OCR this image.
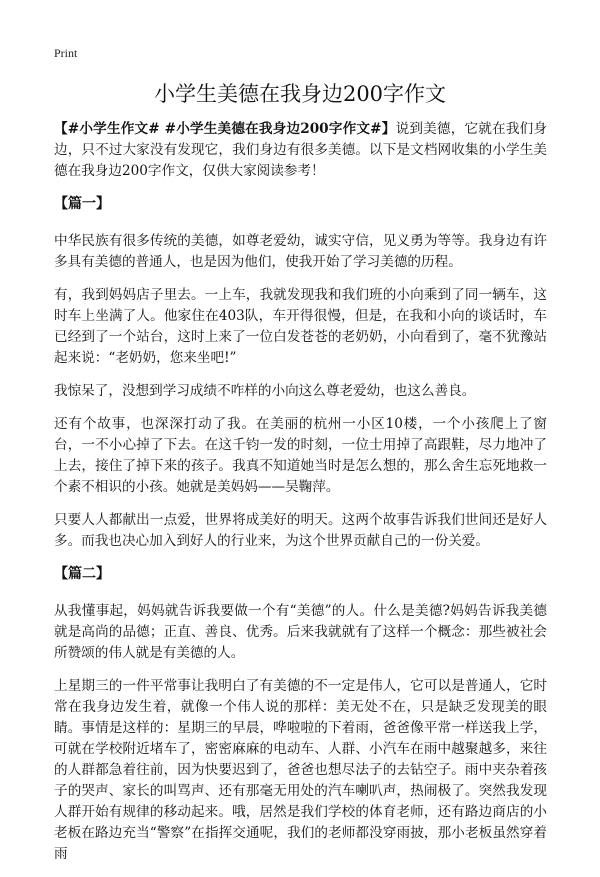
Print
小学生美德在我身边200字作文

【#小学生作文# #小学生美德在我身边200字作文#】说到美德，它就在我们身边，只不过大家没有发现它，我们身边有很多美德。以下是文档网收集的小学生美德在我身边200字作文，仅供大家阅读参考！

【篇一】

中华民族有很多传统的美德，如尊老爱幼，诚实守信，见义勇为等等。我身边有许多具有美德的普通人，也是因为他们，使我开始了学习美德的历程。

有，我到妈妈店子里去。一上车，我就发现我和我们班的小向乘到了同一辆车，这时车上坐满了人。他家住在403队，车开得很慢，但是，在我和小向的谈话时，车已经到了一个站台，这时上来了一位白发苍苍的老奶奶，小向看到了，毫不犹豫站起来说：“老奶奶，您来坐吧!”

我惊呆了，没想到学习成绩不咋样的小向这么尊老爱幼，也这么善良。

还有个故事，也深深打动了我。在美丽的杭州一小区10楼，一个小孩爬上了窗台，一不小心掉了下去。在这千钧一发的时刻，一位士用掉了高跟鞋，尽力地冲了上去，接住了掉下来的孩子。我真不知道她当时是怎么想的，那么舍生忘死地救一个素不相识的小孩。她就是美妈妈——吴鞠萍。

只要人人都献出一点爱，世界将成美好的明天。这两个故事告诉我们世间还是好人多。而我也决心加入到好人的行业来，为这个世界贡献自己的一份关爱。

【篇二】

从我懂事起，妈妈就告诉我要做一个有“美德”的人。什么是美德?妈妈告诉我美德就是高尚的品德；正直、善良、优秀。后来我就就有了这样一个概念：那些被社会所赞颂的伟人就是有美德的人。

上星期三的一件平常事让我明白了有美德的不一定是伟人，它可以是普通人，它时常在我身边发生着，就像一个伟人说的那样：美无处不在，只是缺乏发现美的眼睛。事情是这样的：星期三的早晨，哗啦啦的下着雨，爸爸像平常一样送我上学，可就在学校附近堵车了，密密麻麻的电动车、人群、小汽车在雨中越聚越多，来往的人群都急着往前，因为快要迟到了，爸爸也想尽法子的去钻空子。雨中夹杂着孩子的哭声、家长的叫骂声、还有那毫无用处的汽车喇叭声，热闹极了。突然我发现人群开始有规律的移动起来。哦，居然是我们学校的体育老师，还有路边商店的小老板在路边充当“警察”在指挥交通呢，我们的老师都没穿雨披，那小老板虽然穿着雨
